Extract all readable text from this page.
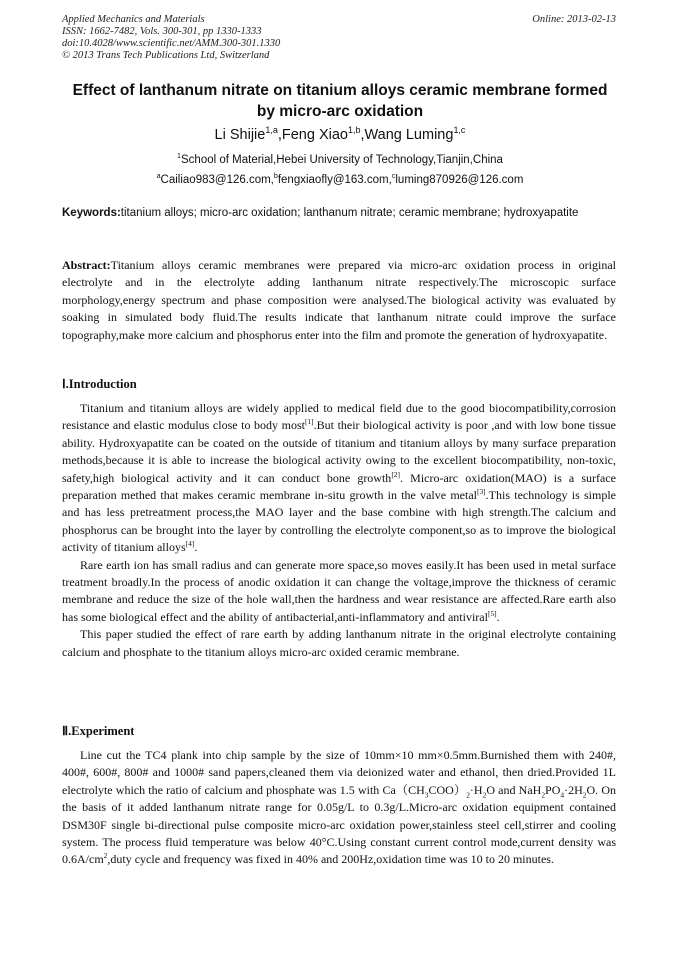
Applied Mechanics and Materials
ISSN: 1662-7482, Vols. 300-301, pp 1330-1333
doi:10.4028/www.scientific.net/AMM.300-301.1330
© 2013 Trans Tech Publications Ltd, Switzerland
Online: 2013-02-13
Effect of lanthanum nitrate on titanium alloys ceramic membrane formed by micro-arc oxidation
Li Shijie$^{1,a}$,Feng Xiao$^{1,b}$,Wang Luming$^{1,c}$
$^1$School of Material,Hebei University of Technology,Tianjin,China
$^a$Cailiao983@126.com,$^b$fengxiaofly@163.com,$^c$luming870926@126.com
Keywords:titanium alloys; micro-arc oxidation; lanthanum nitrate; ceramic membrane; hydroxyapatite
Abstract:Titanium alloys ceramic membranes were prepared via micro-arc oxidation process in original electrolyte and in the electrolyte adding lanthanum nitrate respectively.The microscopic surface morphology,energy spectrum and phase composition were analysed.The biological activity was evaluated by soaking in simulated body fluid.The results indicate that lanthanum nitrate could improve the surface topography,make more calcium and phosphorus enter into the film and promote the generation of hydroxyapatite.
Ⅰ.Introduction

Titanium and titanium alloys are widely applied to medical field due to the good biocompatibility,corrosion resistance and elastic modulus close to body most[1].But their biological activity is poor ,and with low bone tissue ability. Hydroxyapatite can be coated on the outside of titanium and titanium alloys by many surface preparation methods,because it is able to increase the biological activity owing to the excellent biocompatibility, non-toxic, safety,high biological activity and it can conduct bone growth[2]. Micro-arc oxidation(MAO) is a surface preparation methed that makes ceramic membrane in-situ growth in the valve metal[3].This technology is simple and has less pretreatment process,the MAO layer and the base combine with high strength.The calcium and phosphorus can be brought into the layer by controlling the electrolyte component,so as to improve the biological activity of titanium alloys[4].

Rare earth ion has small radius and can generate more space,so moves easily.It has been used in metal surface treatment broadly.In the process of anodic oxidation it can change the voltage,improve the thickness of ceramic membrane and reduce the size of the hole wall,then the hardness and wear resistance are affected.Rare earth also has some biological effect and the ability of antibacterial,anti-inflammatory and antiviral[5].

This paper studied the effect of rare earth by adding lanthanum nitrate in the original electrolyte containing calcium and phosphate to the titanium alloys micro-arc oxided ceramic membrane.

Ⅱ.Experiment

Line cut the TC4 plank into chip sample by the size of 10mm×10 mm×0.5mm.Burnished them with 240#, 400#, 600#, 800# and 1000# sand papers,cleaned them via deionized water and ethanol, then dried.Provided 1L electrolyte which the ratio of calcium and phosphate was 1.5 with $Ca(CH_3COO)_2\cdot H_2O$ and $NaH_2PO_4\cdot 2H_2O$. On the basis of it added lanthanum nitrate range for 0.05g/L to 0.3g/L.Micro-arc oxidation equipment contained DSM30F single bi-directional pulse composite micro-arc oxidation power,stainless steel cell,stirrer and cooling system. The process fluid temperature was below 40°C.Using constant current control mode,current density was $0.6A/cm^2,duty$ cycle and frequency was fixed in 40% and 200Hz,oxidation time was 10 to 20 minutes.
